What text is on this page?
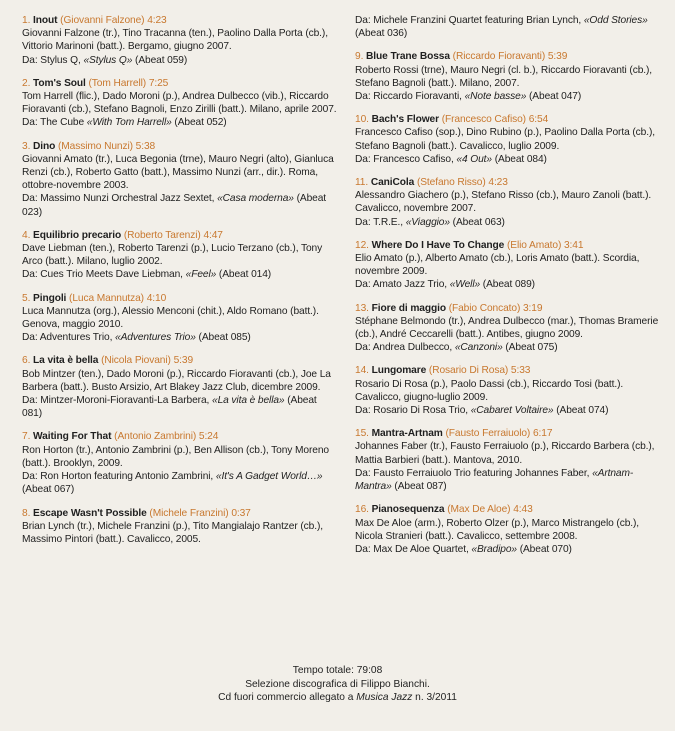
1. Inout (Giovanni Falzone) 4:23
Giovanni Falzone (tr.), Tino Tracanna (ten.), Paolino Dalla Porta (cb.), Vittorio Marinoni (batt.). Bergamo, giugno 2007.
Da: Stylus Q, «Stylus Q» (Abeat 059)
2. Tom's Soul (Tom Harrell) 7:25
Tom Harrell (flic.), Dado Moroni (p.), Andrea Dulbecco (vib.), Riccardo Fioravanti (cb.), Stefano Bagnoli, Enzo Zirilli (batt.). Milano, aprile 2007.
Da: The Cube «With Tom Harrell» (Abeat 052)
3. Dino (Massimo Nunzi) 5:38
Giovanni Amato (tr.), Luca Begonia (trne), Mauro Negri (alto), Gianluca Renzi (cb.), Roberto Gatto (batt.), Massimo Nunzi (arr., dir.). Roma, ottobre-novembre 2003.
Da: Massimo Nunzi Orchestral Jazz Sextet, «Casa moderna» (Abeat 023)
4. Equilibrio precario (Roberto Tarenzi) 4:47
Dave Liebman (ten.), Roberto Tarenzi (p.), Lucio Terzano (cb.), Tony Arco (batt.). Milano, luglio 2002.
Da: Cues Trio Meets Dave Liebman, «Feel» (Abeat 014)
5. Pingoli (Luca Mannutza) 4:10
Luca Mannutza (org.), Alessio Menconi (chit.), Aldo Romano (batt.). Genova, maggio 2010.
Da: Adventures Trio, «Adventures Trio» (Abeat 085)
6. La vita è bella (Nicola Piovani) 5:39
Bob Mintzer (ten.), Dado Moroni (p.), Riccardo Fioravanti (cb.), Joe La Barbera (batt.). Busto Arsizio, Art Blakey Jazz Club, dicembre 2009.
Da: Mintzer-Moroni-Fioravanti-La Barbera, «La vita è bella» (Abeat 081)
7. Waiting For That (Antonio Zambrini) 5:24
Ron Horton (tr.), Antonio Zambrini (p.), Ben Allison (cb.), Tony Moreno (batt.). Brooklyn, 2009.
Da: Ron Horton featuring Antonio Zambrini, «It's A Gadget World…» (Abeat 067)
8. Escape Wasn't Possible (Michele Franzini) 0:37
Brian Lynch (tr.), Michele Franzini (p.), Tito Mangialajo Rantzer (cb.), Massimo Pintori (batt.). Cavalicco, 2005.
Da: Michele Franzini Quartet featuring Brian Lynch, «Odd Stories» (Abeat 036)
9. Blue Trane Bossa (Riccardo Fioravanti) 5:39
Roberto Rossi (trne), Mauro Negri (cl. b.), Riccardo Fioravanti (cb.), Stefano Bagnoli (batt.). Milano, 2007.
Da: Riccardo Fioravanti, «Note basse» (Abeat 047)
10. Bach's Flower (Francesco Cafiso) 6:54
Francesco Cafiso (sop.), Dino Rubino (p.), Paolino Dalla Porta (cb.), Stefano Bagnoli (batt.). Cavalicco, luglio 2009.
Da: Francesco Cafiso, «4 Out» (Abeat 084)
11. CaniCola (Stefano Risso) 4:23
Alessandro Giachero (p.), Stefano Risso (cb.), Mauro Zanoli (batt.). Cavalicco, novembre 2007.
Da: T.R.E., «Viaggio» (Abeat 063)
12. Where Do I Have To Change (Elio Amato) 3:41
Elio Amato (p.), Alberto Amato (cb.), Loris Amato (batt.). Scordia, novembre 2009.
Da: Amato Jazz Trio, «Well» (Abeat 089)
13. Fiore di maggio (Fabio Concato) 3:19
Stéphane Belmondo (tr.), Andrea Dulbecco (mar.), Thomas Bramerie (cb.), André Ceccarelli (batt.). Antibes, giugno 2009.
Da: Andrea Dulbecco, «Canzoni» (Abeat 075)
14. Lungomare (Rosario Di Rosa) 5:33
Rosario Di Rosa (p.), Paolo Dassi (cb.), Riccardo Tosi (batt.). Cavalicco, giugno-luglio 2009.
Da: Rosario Di Rosa Trio, «Cabaret Voltaire» (Abeat 074)
15. Mantra-Artnam (Fausto Ferraiuolo) 6:17
Johannes Faber (tr.), Fausto Ferraiuolo (p.), Riccardo Barbera (cb.), Mattia Barbieri (batt.). Mantova, 2010.
Da: Fausto Ferraiuolo Trio featuring Johannes Faber, «Artnam-Mantra» (Abeat 087)
16. Pianosequenza (Max De Aloe) 4:43
Max De Aloe (arm.), Roberto Olzer (p.), Marco Mistrangelo (cb.), Nicola Stranieri (batt.). Cavalicco, settembre 2008.
Da: Max De Aloe Quartet, «Bradipo» (Abeat 070)
Tempo totale: 79:08
Selezione discografica di Filippo Bianchi.
Cd fuori commercio allegato a Musica Jazz n. 3/2011
